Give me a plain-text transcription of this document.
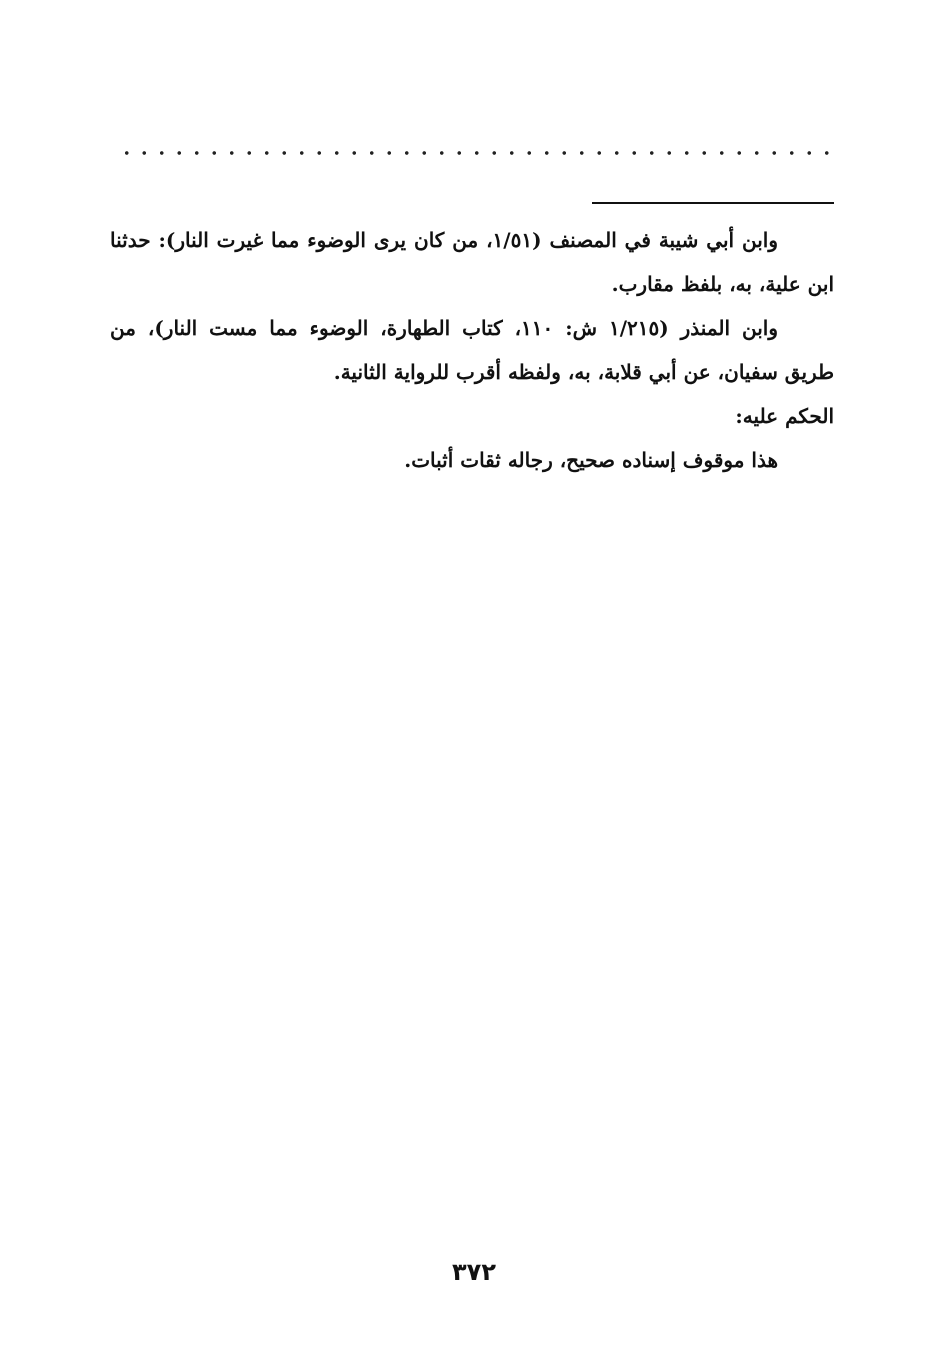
وابن أبي شيبة في المصنف (١/٥١، من كان يرى الوضوء مما غيرت النار): حدثنا ابن علية، به، بلفظ مقارب.

وابن المنذر (١/٢١٥ ش: ١١٠، كتاب الطهارة، الوضوء مما مست النار)، من طريق سفيان، عن أبي قلابة، به، ولفظه أقرب للرواية الثانية.

الحكم عليه:

هذا موقوف إسناده صحيح، رجاله ثقات أثبات.

٣٧٢
